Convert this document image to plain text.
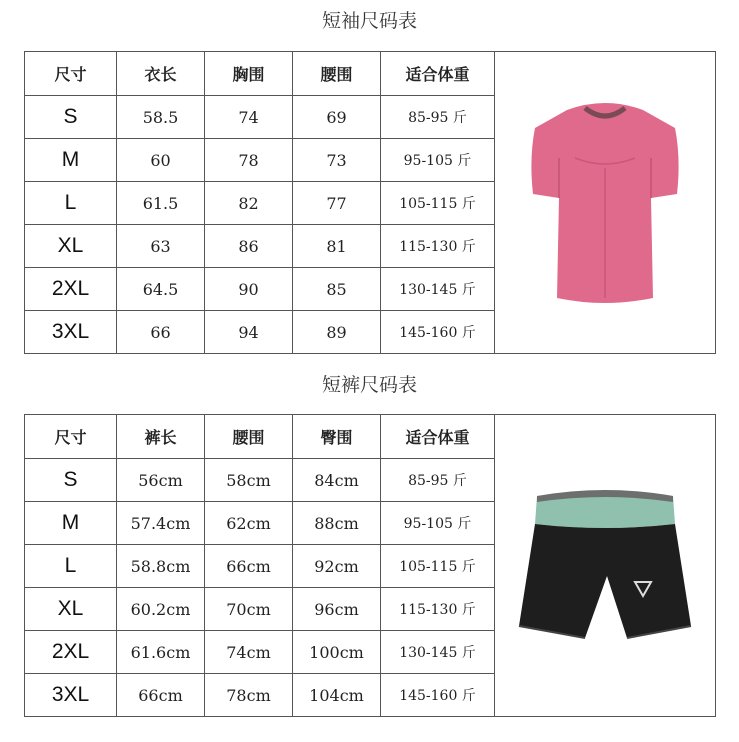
短袖尺码表
尺寸	衣长	胸围	腰围	适合体重	

S	58.5	74	69	85-95 斤	
M	60	78	73	95-105 斤	
L	61.5	82	77	105-115 斤	
XL	63	86	81	115-130 斤	
2XL	64.5	90	85	130-145 斤	
3XL	66	94	89	145-160 斤	
短裤尺码表
尺寸	裤长	腰围	臀围	适合体重	

S	56cm	58cm	84cm	85-95 斤	
M	57.4cm	62cm	88cm	95-105 斤	
L	58.8cm	66cm	92cm	105-115 斤	
XL	60.2cm	70cm	96cm	115-130 斤	
2XL	61.6cm	74cm	100cm	130-145 斤	
3XL	66cm	78cm	104cm	145-160 斤	
